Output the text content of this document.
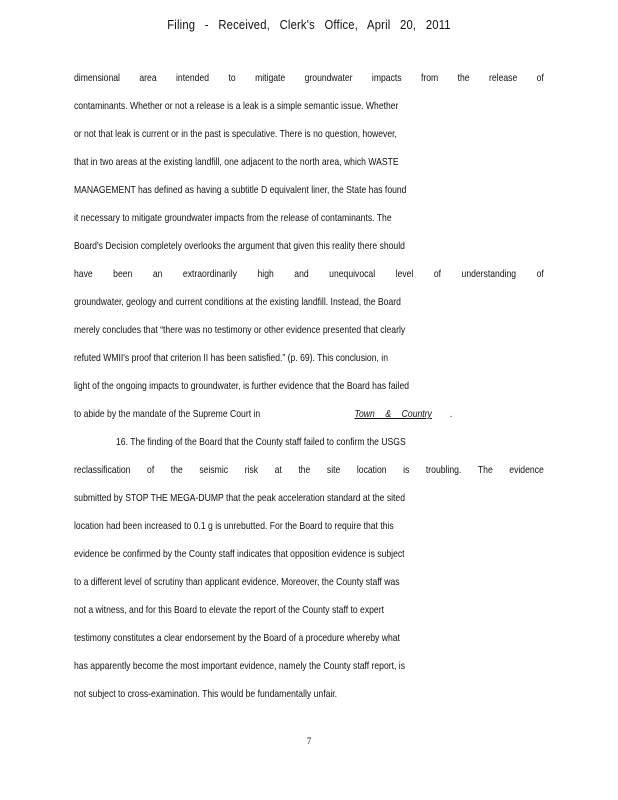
Filing - Received, Clerk's Office, April 20, 2011
dimensional area intended to mitigate groundwater impacts from the release of
contaminants. Whether or not a release is a leak is a simple semantic issue. Whether
or not that leak is current or in the past is speculative. There is no question, however,
that in two areas at the existing landfill, one adjacent to the north area, which WASTE
MANAGEMENT has defined as having a subtitle D equivalent liner, the State has found
it necessary to mitigate groundwater impacts from the release of contaminants. The
Board's Decision completely overlooks the argument that given this reality there should
have been an extraordinarily high and unequivocal level of understanding of
groundwater, geology and current conditions at the existing landfill. Instead, the Board
merely concludes that “there was no testimony or other evidence presented that clearly
refuted WMII's proof that criterion II has been satisfied.” (p. 69). This conclusion, in
light of the ongoing impacts to groundwater, is further evidence that the Board has failed
to abide by the mandate of the Supreme Court in	Town & Country .
16. The finding of the Board that the County staff failed to confirm the USGS
reclassification of the seismic risk at the site location is troubling. The evidence
submitted by STOP THE MEGA-DUMP that the peak acceleration standard at the sited
location had been increased to 0.1 g is unrebutted. For the Board to require that this
evidence be confirmed by the County staff indicates that opposition evidence is subject
to a different level of scrutiny than applicant evidence. Moreover, the County staff was
not a witness, and for this Board to elevate the report of the County staff to expert
testimony constitutes a clear endorsement by the Board of a procedure whereby what
has apparently become the most important evidence, namely the County staff report, is
not subject to cross-examination. This would be fundamentally unfair.
7
